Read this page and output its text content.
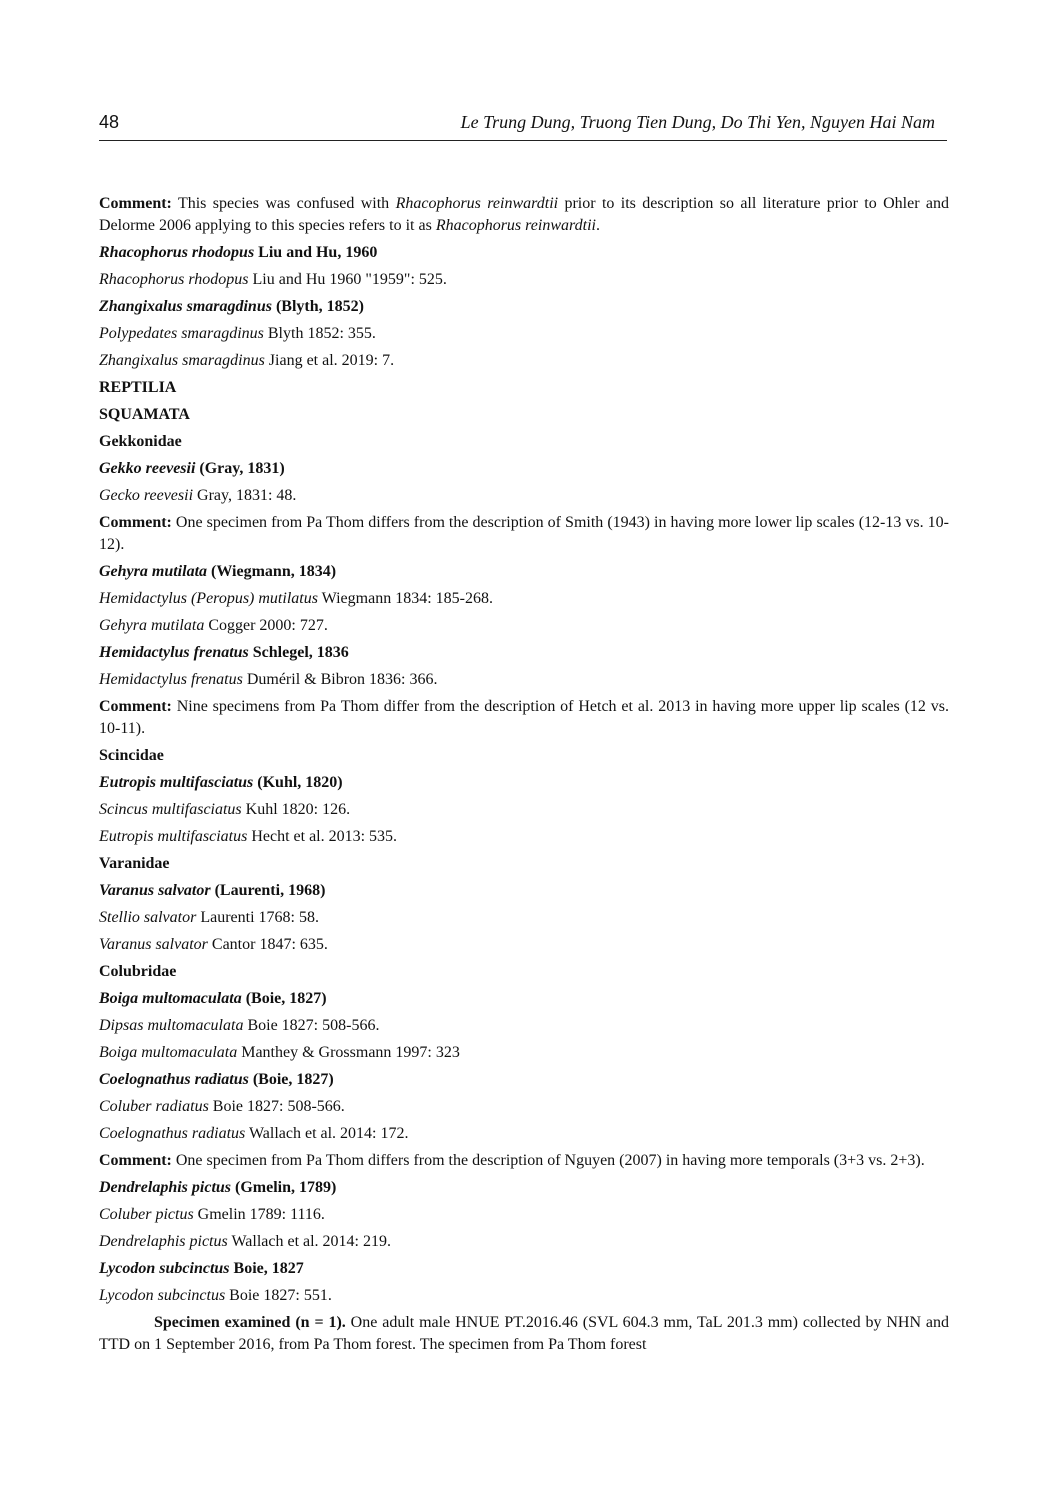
48	Le Trung Dung, Truong Tien Dung, Do Thi Yen, Nguyen Hai Nam
Comment: This species was confused with Rhacophorus reinwardtii prior to its description so all literature prior to Ohler and Delorme 2006 applying to this species refers to it as Rhacophorus reinwardtii.
Rhacophorus rhodopus Liu and Hu, 1960
Rhacophorus rhodopus Liu and Hu 1960 "1959": 525.
Zhangixalus smaragdinus (Blyth, 1852)
Polypedates smaragdinus Blyth 1852: 355.
Zhangixalus smaragdinus Jiang et al. 2019: 7.
REPTILIA
SQUAMATA
Gekkonidae
Gekko reevesii (Gray, 1831)
Gecko reevesii Gray, 1831: 48.
Comment: One specimen from Pa Thom differs from the description of Smith (1943) in having more lower lip scales (12-13 vs. 10-12).
Gehyra mutilata (Wiegmann, 1834)
Hemidactylus (Peropus) mutilatus Wiegmann 1834: 185-268.
Gehyra mutilata Cogger 2000: 727.
Hemidactylus frenatus Schlegel, 1836
Hemidactylus frenatus Duméril & Bibron 1836: 366.
Comment: Nine specimens from Pa Thom differ from the description of Hetch et al. 2013 in having more upper lip scales (12 vs. 10-11).
Scincidae
Eutropis multifasciatus (Kuhl, 1820)
Scincus multifasciatus Kuhl 1820: 126.
Eutropis multifasciatus Hecht et al. 2013: 535.
Varanidae
Varanus salvator (Laurenti, 1968)
Stellio salvator Laurenti 1768: 58.
Varanus salvator Cantor 1847: 635.
Colubridae
Boiga multomaculata (Boie, 1827)
Dipsas multomaculata Boie 1827: 508-566.
Boiga multomaculata Manthey & Grossmann 1997: 323
Coelognathus radiatus (Boie, 1827)
Coluber radiatus Boie 1827: 508-566.
Coelognathus radiatus Wallach et al. 2014: 172.
Comment: One specimen from Pa Thom differs from the description of Nguyen (2007) in having more temporals (3+3 vs. 2+3).
Dendrelaphis pictus (Gmelin, 1789)
Coluber pictus Gmelin 1789: 1116.
Dendrelaphis pictus Wallach et al. 2014: 219.
Lycodon subcinctus Boie, 1827
Lycodon subcinctus Boie 1827: 551.
Specimen examined (n = 1). One adult male HNUE PT.2016.46 (SVL 604.3 mm, TaL 201.3 mm) collected by NHN and TTD on 1 September 2016, from Pa Thom forest. The specimen from Pa Thom forest
